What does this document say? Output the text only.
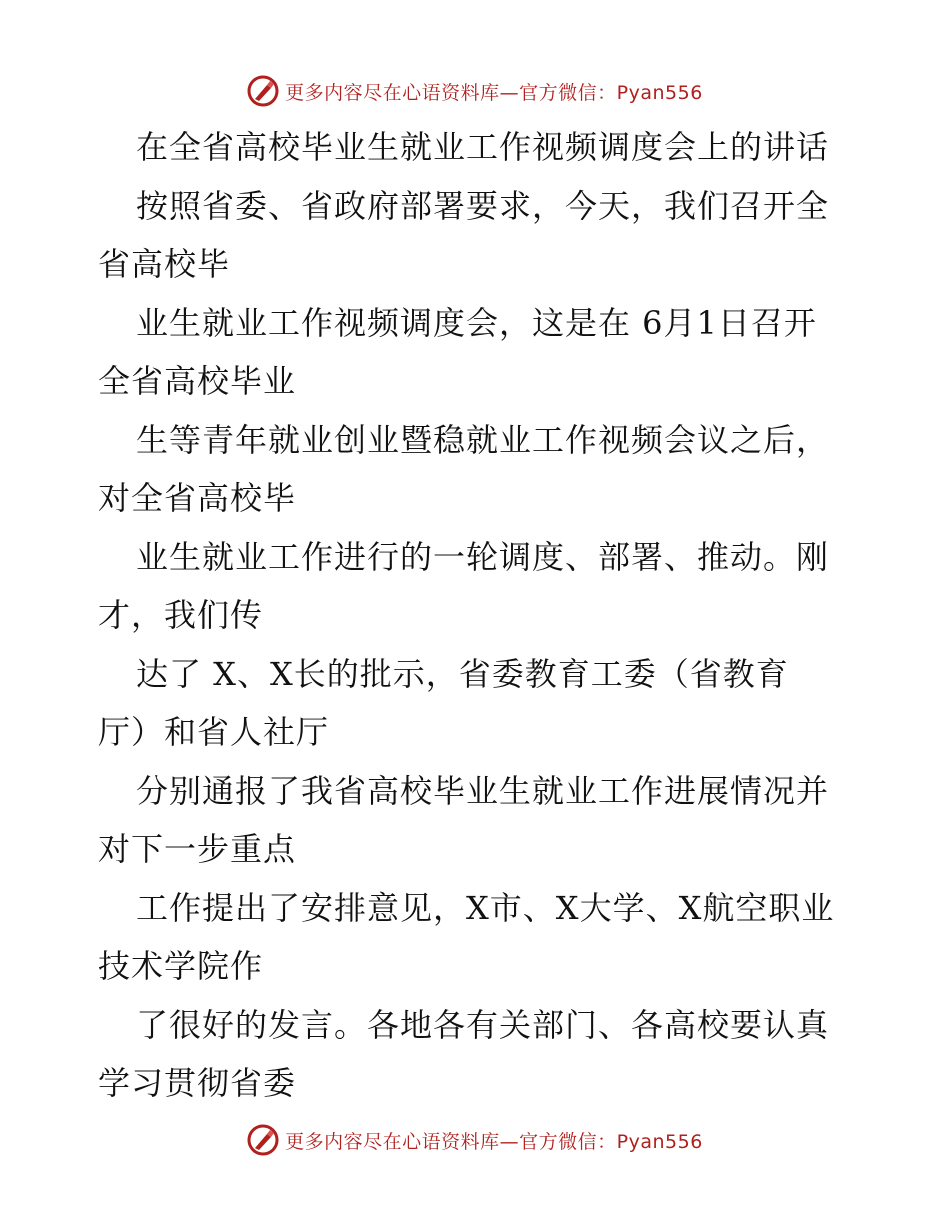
更多内容尽在心语资料库—官方微信：Pyan556
在全省高校毕业生就业工作视频调度会上的讲话
按照省委、省政府部署要求，今天，我们召开全
省高校毕
业生就业工作视频调度会，这是在 6月1日召开
全省高校毕业
生等青年就业创业暨稳就业工作视频会议之后，
对全省高校毕
业生就业工作进行的一轮调度、部署、推动。刚
才，我们传
达了 X、X长的批示，省委教育工委（省教育
厅）和省人社厅
分别通报了我省高校毕业生就业工作进展情况并
对下一步重点
工作提出了安排意见，X市、X大学、X航空职业
技术学院作
了很好的发言。各地各有关部门、各高校要认真
学习贯彻省委
更多内容尽在心语资料库—官方微信：Pyan556
